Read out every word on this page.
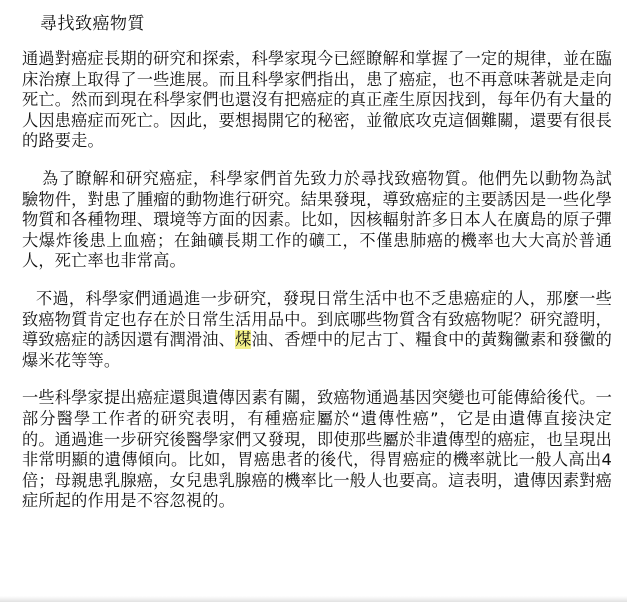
尋找致癌物質

通過對癌症長期的研究和探索，科學家現今已經瞭解和掌握了一定的規律，並在臨床治療上取得了一些進展。而且科學家們指出，患了癌症，也不再意味著就是走向死亡。然而到現在科學家們也還沒有把癌症的真正產生原因找到，每年仍有大量的人因患癌症而死亡。因此，要想揭開它的秘密，並徹底攻克這個難關，還要有很長的路要走。

為了瞭解和研究癌症，科學家們首先致力於尋找致癌物質。他們先以動物為試驗物件，對患了腫瘤的動物進行研究。結果發現，導致癌症的主要誘因是一些化學物質和各種物理、環境等方面的因素。比如，因核輻射許多日本人在廣島的原子彈大爆炸後患上血癌；在鈾礦長期工作的礦工，不僅患肺癌的機率也大大高於普通人，死亡率也非常高。

不過，科學家們通過進一步研究，發現日常生活中也不乏患癌症的人，那麼一些致癌物質肯定也存在於日常生活用品中。到底哪些物質含有致癌物呢？研究證明，導致癌症的誘因還有潤滑油、煤油、香煙中的尼古丁、糧食中的黃麴黴素和發黴的爆米花等等。

一些科學家提出癌症還與遺傳因素有關，致癌物通過基因突變也可能傳給後代。一部分醫學工作者的研究表明，有種癌症屬於“遺傳性癌”，它是由遺傳直接決定的。通過進一步研究後醫學家們又發現，即使那些屬於非遺傳型的癌症，也呈現出非常明顯的遺傳傾向。比如，胃癌患者的後代，得胃癌症的機率就比一般人高出4倍；母親患乳腺癌，女兒患乳腺癌的機率比一般人也要高。這表明，遺傳因素對癌症所起的作用是不容忽視的。
